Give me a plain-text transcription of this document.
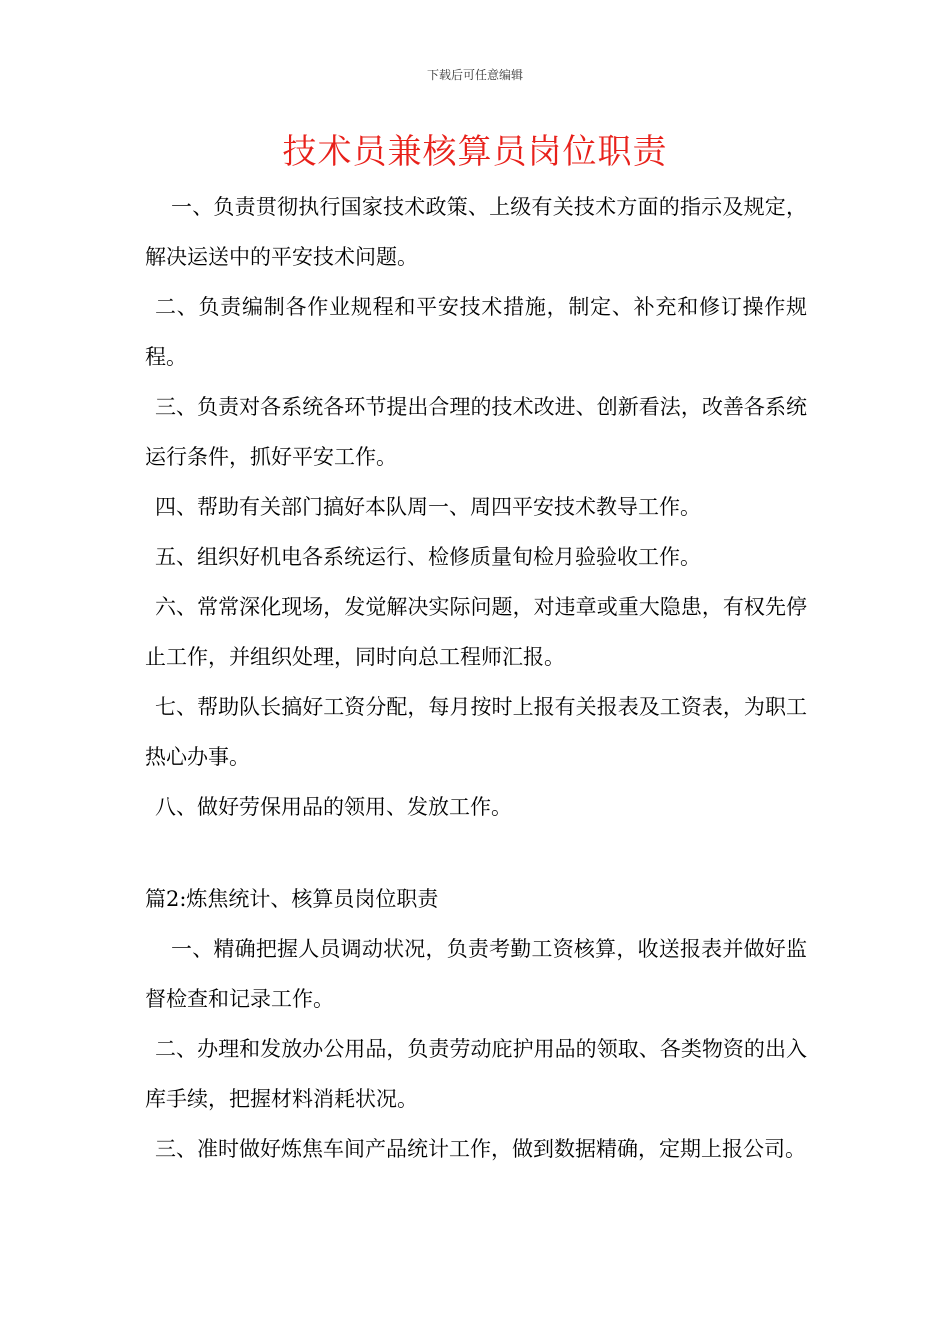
下载后可任意编辑
技术员兼核算员岗位职责

一、负责贯彻执行国家技术政策、上级有关技术方面的指示及规定，解决运送中的平安技术问题。

二、负责编制各作业规程和平安技术措施，制定、补充和修订操作规程。

三、负责对各系统各环节提出合理的技术改进、创新看法，改善各系统运行条件，抓好平安工作。

四、帮助有关部门搞好本队周一、周四平安技术教导工作。

五、组织好机电各系统运行、检修质量旬检月验验收工作。

六、常常深化现场，发觉解决实际问题，对违章或重大隐患，有权先停止工作，并组织处理，同时向总工程师汇报。

七、帮助队长搞好工资分配，每月按时上报有关报表及工资表，为职工热心办事。

八、做好劳保用品的领用、发放工作。

篇2:炼焦统计、核算员岗位职责

一、精确把握人员调动状况，负责考勤工资核算，收送报表并做好监督检查和记录工作。

二、办理和发放办公用品，负责劳动庇护用品的领取、各类物资的出入库手续，把握材料消耗状况。

三、准时做好炼焦车间产品统计工作，做到数据精确，定期上报公司。
